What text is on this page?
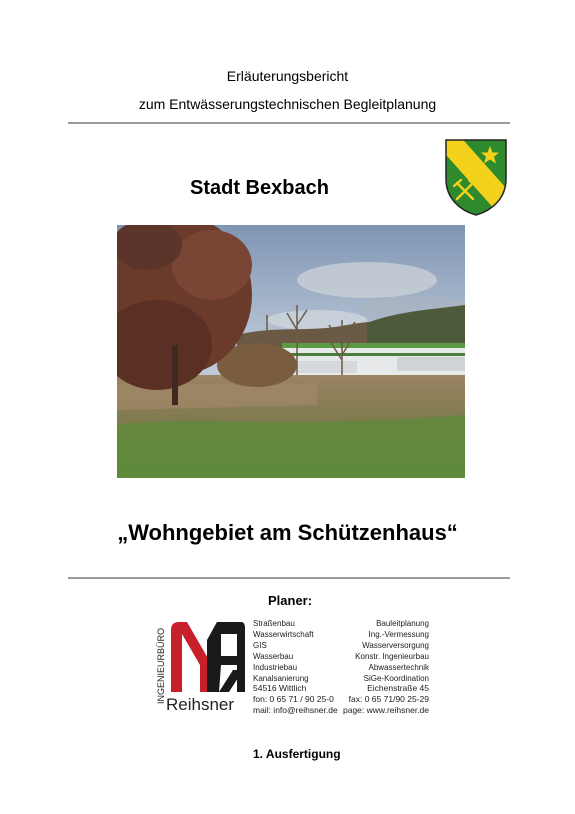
Erläuterungsbericht
zum Entwässerungstechnischen Begleitplanung
Stadt Bexbach
„Wohngebiet am Schützenhaus“
Planer:
INGENIEURBÜRO
Reihsner
Straßenbau
Wasserwirtschaft
GIS
Wasserbau
Industriebau
Kanalsanierung
Bauleitplanung
Ing.-Vermessung
Wasserversorgung
Konstr. Ingenieurbau
Abwassertechnik
SiGe-Koordination
54516 Wittlich
fon: 0 65 71 / 90 25-0
mail: info@reihsner.de
Eichenstraße 45
fax: 0 65 71/90 25-29
page: www.reihsner.de
1. Ausfertigung
